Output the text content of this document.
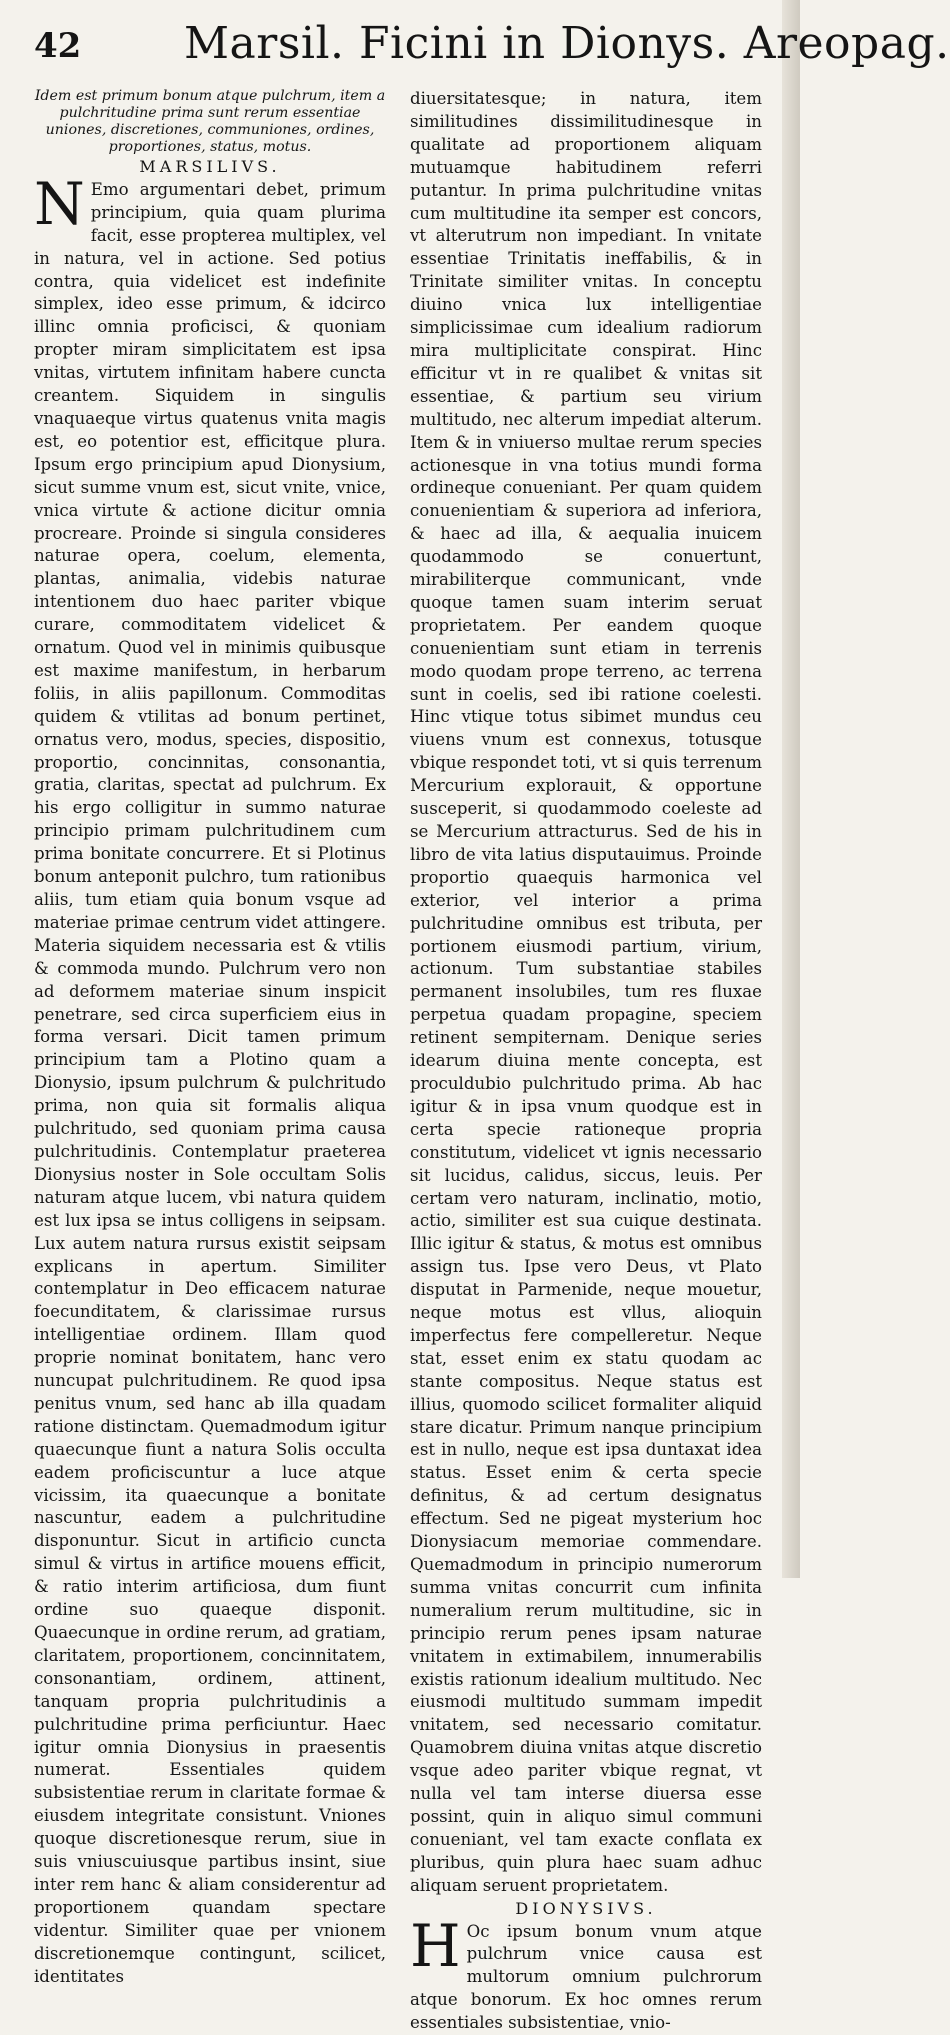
42 Marsil. Ficini in Dionys. Areopag.

Idem est primum bonum atque pulchrum, item a pulchritudine prima sunt rerum essentiae uniones, discretiones, communiones, ordines, proportiones, status, motus.

MARSILIVS.

N Emo argumentari debet, primum principium, quia quam plurima facit, esse propterea multiplex, vel in natura, vel in actione. Sed potius contra, quia videlicet est indefinite simplex, ideo esse primum, & idcirco illinc omnia proficisci, & quoniam propter miram simplicitatem est ipsa vnitas, virtutem infinitam habere cuncta creantem. Siquidem in singulis vnaquaeque virtus quatenus vnita magis est, eo potentior est, efficitque plura. Ipsum ergo principium apud Dionysium, sicut summe vnum est, sicut vnite, vnice, vnica virtute & actione dicitur omnia procreare. Proinde si singula consideres naturae opera, coelum, elementa, plantas, animalia, videbis naturae intentionem duo haec pariter vbique curare, commoditatem videlicet & ornatum. Quod vel in minimis quibusque est maxime manifestum, in herbarum foliis, in aliis papillonum. Commoditas quidem & vtilitas ad bonum pertinet, ornatus vero, modus, species, dispositio, proportio, concinnitas, consonantia, gratia, claritas, spectat ad pulchrum. Ex his ergo colligitur in summo naturae principio primam pulchritudinem cum prima bonitate concurrere. Et si Plotinus bonum anteponit pulchro, tum rationibus aliis, tum etiam quia bonum vsque ad materiae primae centrum videt attingere. Materia siquidem necessaria est & vtilis & commoda mundo. Pulchrum vero non ad deformem materiae sinum inspicit penetrare, sed circa superficiem eius in forma versari. Dicit tamen primum principium tam a Plotino quam a Dionysio, ipsum pulchrum & pulchritudo prima, non quia sit formalis aliqua pulchritudo, sed quoniam prima causa pulchritudinis. Contemplatur praeterea Dionysius noster in Sole occultam Solis naturam atque lucem, vbi natura quidem est lux ipsa se intus colligens in seipsam. Lux autem natura rursus existit seipsam explicans in apertum. Similiter contemplatur in Deo efficacem naturae foecunditatem, & clarissimae rursus intelligentiae ordinem. Illam quod proprie nominat bonitatem, hanc vero nuncupat pulchritudinem. Re quod ipsa penitus vnum, sed hanc ab illa quadam ratione distinctam. Quemadmodum igitur quaecunque fiunt a natura Solis occulta eadem proficiscuntur a luce atque vicissim, ita quaecunque a bonitate nascuntur, eadem a pulchritudine disponuntur. Sicut in artificio cuncta simul & virtus in artifice mouens efficit, & ratio interim artificiosa, dum fiunt ordine suo quaeque disponit. Quaecunque in ordine rerum, ad gratiam, claritatem, proportionem, concinnitatem, consonantiam, ordinem, attinent, tanquam propria pulchritudinis a pulchritudine prima perficiuntur. Haec igitur omnia Dionysius in praesentis numerat. Essentiales quidem subsistentiae rerum in claritate formae & eiusdem integritate consistunt. Vniones quoque discretionesque rerum, siue in suis vniuscuiusque partibus insint, siue inter rem hanc & aliam considerentur ad proportionem quandam spectare videntur. Similiter quae per vnionem discretionemque contingunt, scilicet, identitates

diuersitatesque; in natura, item similitudines dissimilitudinesque in qualitate ad proportionem aliquam mutuamque habitudinem referri putantur. In prima pulchritudine vnitas cum multitudine ita semper est concors, vt alterutrum non impediant. In vnitate essentiae Trinitatis ineffabilis, & in Trinitate similiter vnitas. In conceptu diuino vnica lux intelligentiae simplicissimae cum idealium radiorum mira multiplicitate conspirat. Hinc efficitur vt in re qualibet & vnitas sit essentiae, & partium seu virium multitudo, nec alterum impediat alterum. Item & in vniuerso multae rerum species actionesque in vna totius mundi forma ordineque conueniant. Per quam quidem conuenientiam & superiora ad inferiora, & haec ad illa, & aequalia inuicem quodammodo se conuertunt, mirabiliterque communicant, vnde quoque tamen suam interim seruat proprietatem. Per eandem quoque conuenientiam sunt etiam in terrenis modo quodam prope terreno, ac terrena sunt in coelis, sed ibi ratione coelesti. Hinc vtique totus sibimet mundus ceu viuens vnum est connexus, totusque vbique respondet toti, vt si quis terrenum Mercurium explorauit, & opportune susceperit, si quodammodo coeleste ad se Mercurium attracturus. Sed de his in libro de vita latius disputauimus. Proinde proportio quaequis harmonica vel exterior, vel interior a prima pulchritudine omnibus est tributa, per portionem eiusmodi partium, virium, actionum. Tum substantiae stabiles permanent insolubiles, tum res fluxae perpetua quadam propagine, speciem retinent sempiternam. Denique series idearum diuina mente concepta, est proculdubio pulchritudo prima. Ab hac igitur & in ipsa vnum quodque est in certa specie rationeque propria constitutum, videlicet vt ignis necessario sit lucidus, calidus, siccus, leuis. Per certam vero naturam, inclinatio, motio, actio, similiter est sua cuique destinata. Illic igitur & status, & motus est omnibus assign tus. Ipse vero Deus, vt Plato disputat in Parmenide, neque mouetur, neque motus est vllus, alioquin imperfectus fere compelleretur. Neque stat, esset enim ex statu quodam ac stante compositus. Neque status est illius, quomodo scilicet formaliter aliquid stare dicatur. Primum nanque principium est in nullo, neque est ipsa duntaxat idea status. Esset enim & certa specie definitus, & ad certum designatus effectum. Sed ne pigeat mysterium hoc Dionysiacum memoriae commendare. Quemadmodum in principio numerorum summa vnitas concurrit cum infinita numeralium rerum multitudine, sic in principio rerum penes ipsam naturae vnitatem in extimabilem, innumerabilis existis rationum idealium multitudo. Nec eiusmodi multitudo summam impedit vnitatem, sed necessario comitatur. Quamobrem diuina vnitas atque discretio vsque adeo pariter vbique regnat, vt nulla vel tam interse diuersa esse possint, quin in aliquo simul communi conueniant, vel tam exacte conflata ex pluribus, quin plura haec suam adhuc aliquam seruent proprietatem.

DIONYSIVS.

H Oc ipsum bonum vnum atque pulchrum vnice causa est multorum omnium pulchrorum atque bonorum. Ex hoc omnes rerum essentiales subsistentiae, vnio-
